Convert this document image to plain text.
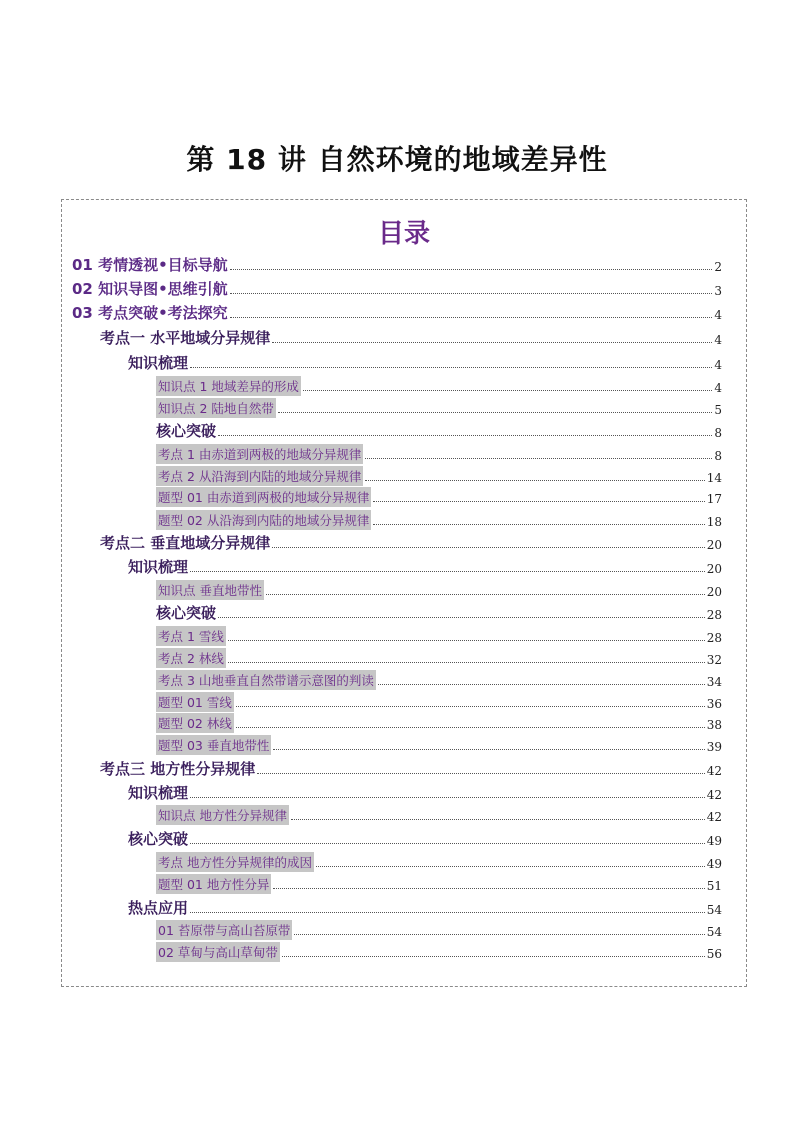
第 18 讲 自然环境的地域差异性
目录
01 考情透视•目标导航	2
02 知识导图•思维引航	3
03 考点突破•考法探究	4
考点一 水平地域分异规律	4
知识梳理	4
知识点 1 地域差异的形成	4
知识点 2 陆地自然带	5
核心突破	8
考点 1 由赤道到两极的地域分异规律	8
考点 2 从沿海到内陆的地域分异规律	14
题型 01 由赤道到两极的地域分异规律	17
题型 02 从沿海到内陆的地域分异规律	18
考点二 垂直地域分异规律	20
知识梳理	20
知识点 垂直地带性	20
核心突破	28
考点 1 雪线	28
考点 2 林线	32
考点 3 山地垂直自然带谱示意图的判读	34
题型 01 雪线	36
题型 02 林线	38
题型 03 垂直地带性	39
考点三 地方性分异规律	42
知识梳理	42
知识点 地方性分异规律	42
核心突破	49
考点 地方性分异规律的成因	49
题型 01 地方性分异	51
热点应用	54
01 苔原带与高山苔原带	54
02 草甸与高山草甸带	56
